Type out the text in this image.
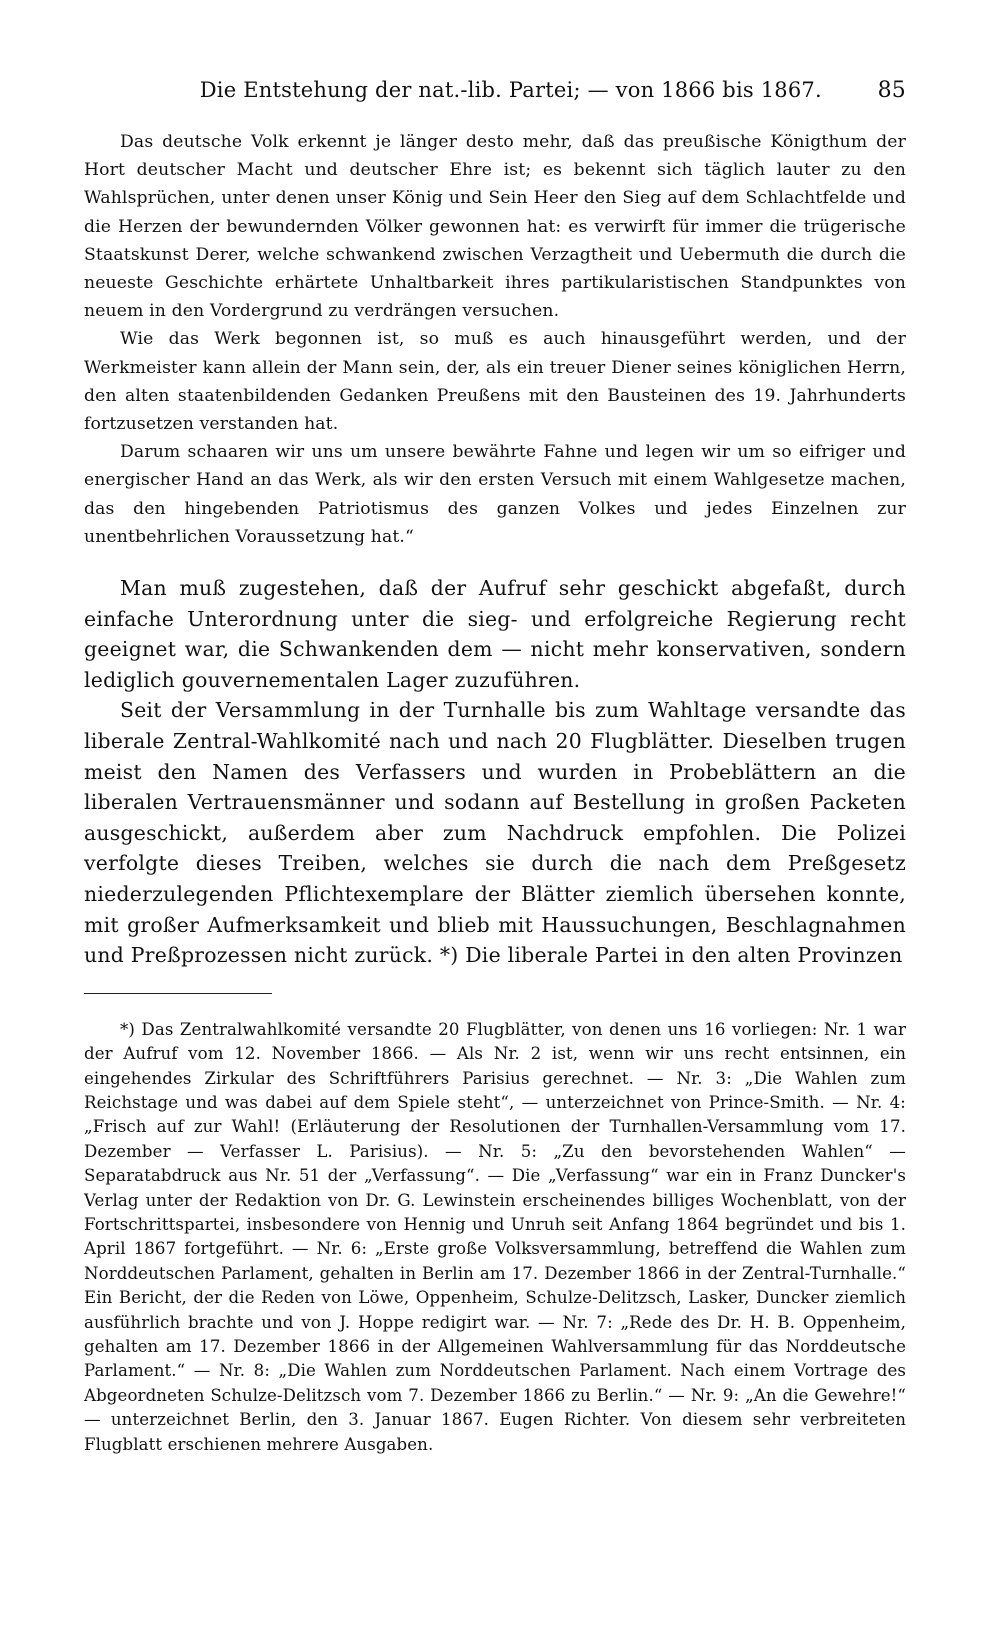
Die Entstehung der nat.-lib. Partei; — von 1866 bis 1867.	85

Das deutsche Volk erkennt je länger desto mehr, daß das preußische Königthum der Hort deutscher Macht und deutscher Ehre ist; es bekennt sich täglich lauter zu den Wahlsprüchen, unter denen unser König und Sein Heer den Sieg auf dem Schlachtfelde und die Herzen der bewundernden Völker gewonnen hat: es verwirft für immer die trügerische Staatskunst Derer, welche schwankend zwischen Verzagtheit und Uebermuth die durch die neueste Geschichte erhärtete Unhaltbarkeit ihres partikularistischen Standpunktes von neuem in den Vordergrund zu verdrängen versuchen.

Wie das Werk begonnen ist, so muß es auch hinausgeführt werden, und der Werkmeister kann allein der Mann sein, der, als ein treuer Diener seines königlichen Herrn, den alten staatenbildenden Gedanken Preußens mit den Bausteinen des 19. Jahrhunderts fortzusetzen verstanden hat.

Darum schaaren wir uns um unsere bewährte Fahne und legen wir um so eifriger und energischer Hand an das Werk, als wir den ersten Versuch mit einem Wahlgesetze machen, das den hingebenden Patriotismus des ganzen Volkes und jedes Einzelnen zur unentbehrlichen Voraussetzung hat.“

Man muß zugestehen, daß der Aufruf sehr geschickt abgefaßt, durch einfache Unterordnung unter die sieg- und erfolgreiche Regierung recht geeignet war, die Schwankenden dem — nicht mehr konservativen, sondern lediglich gouvernementalen Lager zuzuführen.

Seit der Versammlung in der Turnhalle bis zum Wahltage versandte das liberale Zentral-Wahlkomité nach und nach 20 Flugblätter. Dieselben trugen meist den Namen des Verfassers und wurden in Probeblättern an die liberalen Vertrauensmänner und sodann auf Bestellung in großen Packeten ausgeschickt, außerdem aber zum Nachdruck empfohlen. Die Polizei verfolgte dieses Treiben, welches sie durch die nach dem Preßgesetz niederzulegenden Pflichtexemplare der Blätter ziemlich übersehen konnte, mit großer Aufmerksamkeit und blieb mit Haussuchungen, Beschlagnahmen und Preßprozessen nicht zurück. *) Die liberale Partei in den alten Provinzen

*) Das Zentralwahlkomité versandte 20 Flugblätter, von denen uns 16 vorliegen: Nr. 1 war der Aufruf vom 12. November 1866. — Als Nr. 2 ist, wenn wir uns recht entsinnen, ein eingehendes Zirkular des Schriftführers Parisius gerechnet. — Nr. 3: „Die Wahlen zum Reichstage und was dabei auf dem Spiele steht“, — unterzeichnet von Prince-Smith. — Nr. 4: „Frisch auf zur Wahl! (Erläuterung der Resolutionen der Turnhallen-Versammlung vom 17. Dezember — Verfasser L. Parisius). — Nr. 5: „Zu den bevorstehenden Wahlen“ — Separatabdruck aus Nr. 51 der „Verfassung“. — Die „Verfassung“ war ein in Franz Duncker's Verlag unter der Redaktion von Dr. G. Lewinstein erscheinendes billiges Wochenblatt, von der Fortschrittspartei, insbesondere von Hennig und Unruh seit Anfang 1864 begründet und bis 1. April 1867 fortgeführt. — Nr. 6: „Erste große Volksversammlung, betreffend die Wahlen zum Norddeutschen Parlament, gehalten in Berlin am 17. Dezember 1866 in der Zentral-Turnhalle.“ Ein Bericht, der die Reden von Löwe, Oppenheim, Schulze-Delitzsch, Lasker, Duncker ziemlich ausführlich brachte und von J. Hoppe redigirt war. — Nr. 7: „Rede des Dr. H. B. Oppenheim, gehalten am 17. Dezember 1866 in der Allgemeinen Wahlversammlung für das Norddeutsche Parlament.“ — Nr. 8: „Die Wahlen zum Norddeutschen Parlament. Nach einem Vortrage des Abgeordneten Schulze-Delitzsch vom 7. Dezember 1866 zu Berlin.“ — Nr. 9: „An die Gewehre!“ — unterzeichnet Berlin, den 3. Januar 1867. Eugen Richter. Von diesem sehr verbreiteten Flugblatt erschienen mehrere Ausgaben.
